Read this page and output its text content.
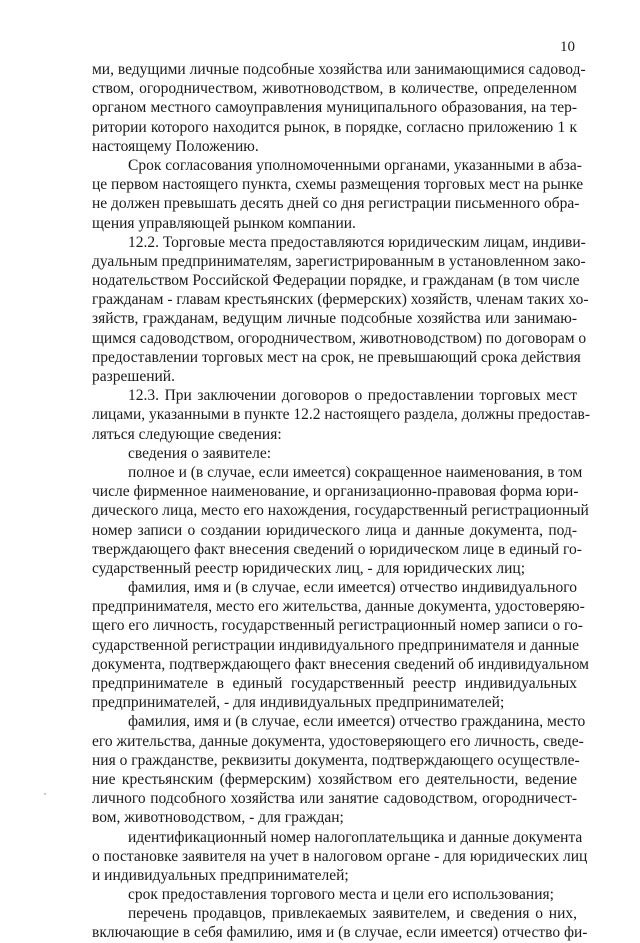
10
ми, ведущими личные подсобные хозяйства или занимающимися садовод-
ством, огородничеством, животноводством, в количестве, определенном
органом местного самоуправления муниципального образования, на тер-
ритории которого находится рынок, в порядке, согласно приложению 1 к
настоящему Положению.
Срок согласования уполномоченными органами, указанными в абза-
це первом настоящего пункта, схемы размещения торговых мест на рынке
не должен превышать десять дней со дня регистрации письменного обра-
щения управляющей рынком компании.
12.2. Торговые места предоставляются юридическим лицам, индиви-
дуальным предпринимателям, зарегистрированным в установленном зако-
нодательством Российской Федерации порядке, и гражданам (в том числе
гражданам - главам крестьянских (фермерских) хозяйств, членам таких хо-
зяйств, гражданам, ведущим личные подсобные хозяйства или занимаю-
щимся садоводством, огородничеством, животноводством) по договорам о
предоставлении торговых мест на срок, не превышающий срока действия
разрешений.
12.3. При заключении договоров о предоставлении торговых мест
лицами, указанными в пункте 12.2 настоящего раздела, должны предостав-
ляться следующие сведения:
сведения о заявителе:
полное и (в случае, если имеется) сокращенное наименования, в том
числе фирменное наименование, и организационно-правовая форма юри-
дического лица, место его нахождения, государственный регистрационный
номер записи о создании юридического лица и данные документа, под-
тверждающего факт внесения сведений о юридическом лице в единый го-
сударственный реестр юридических лиц, - для юридических лиц;
фамилия, имя и (в случае, если имеется) отчество индивидуального
предпринимателя, место его жительства, данные документа, удостоверяю-
щего его личность, государственный регистрационный номер записи о го-
сударственной регистрации индивидуального предпринимателя и данные
документа, подтверждающего факт внесения сведений об индивидуальном
предпринимателе в единый государственный реестр индивидуальных
предпринимателей, - для индивидуальных предпринимателей;
фамилия, имя и (в случае, если имеется) отчество гражданина, место
его жительства, данные документа, удостоверяющего его личность, сведе-
ния о гражданстве, реквизиты документа, подтверждающего осуществле-
ние крестьянским (фермерским) хозяйством его деятельности, ведение
личного подсобного хозяйства или занятие садоводством, огородничест-
вом, животноводством, - для граждан;
идентификационный номер налогоплательщика и данные документа
о постановке заявителя на учет в налоговом органе - для юридических лиц
и индивидуальных предпринимателей;
срок предоставления торгового места и цели его использования;
перечень продавцов, привлекаемых заявителем, и сведения о них,
включающие в себя фамилию, имя и (в случае, если имеется) отчество фи-
